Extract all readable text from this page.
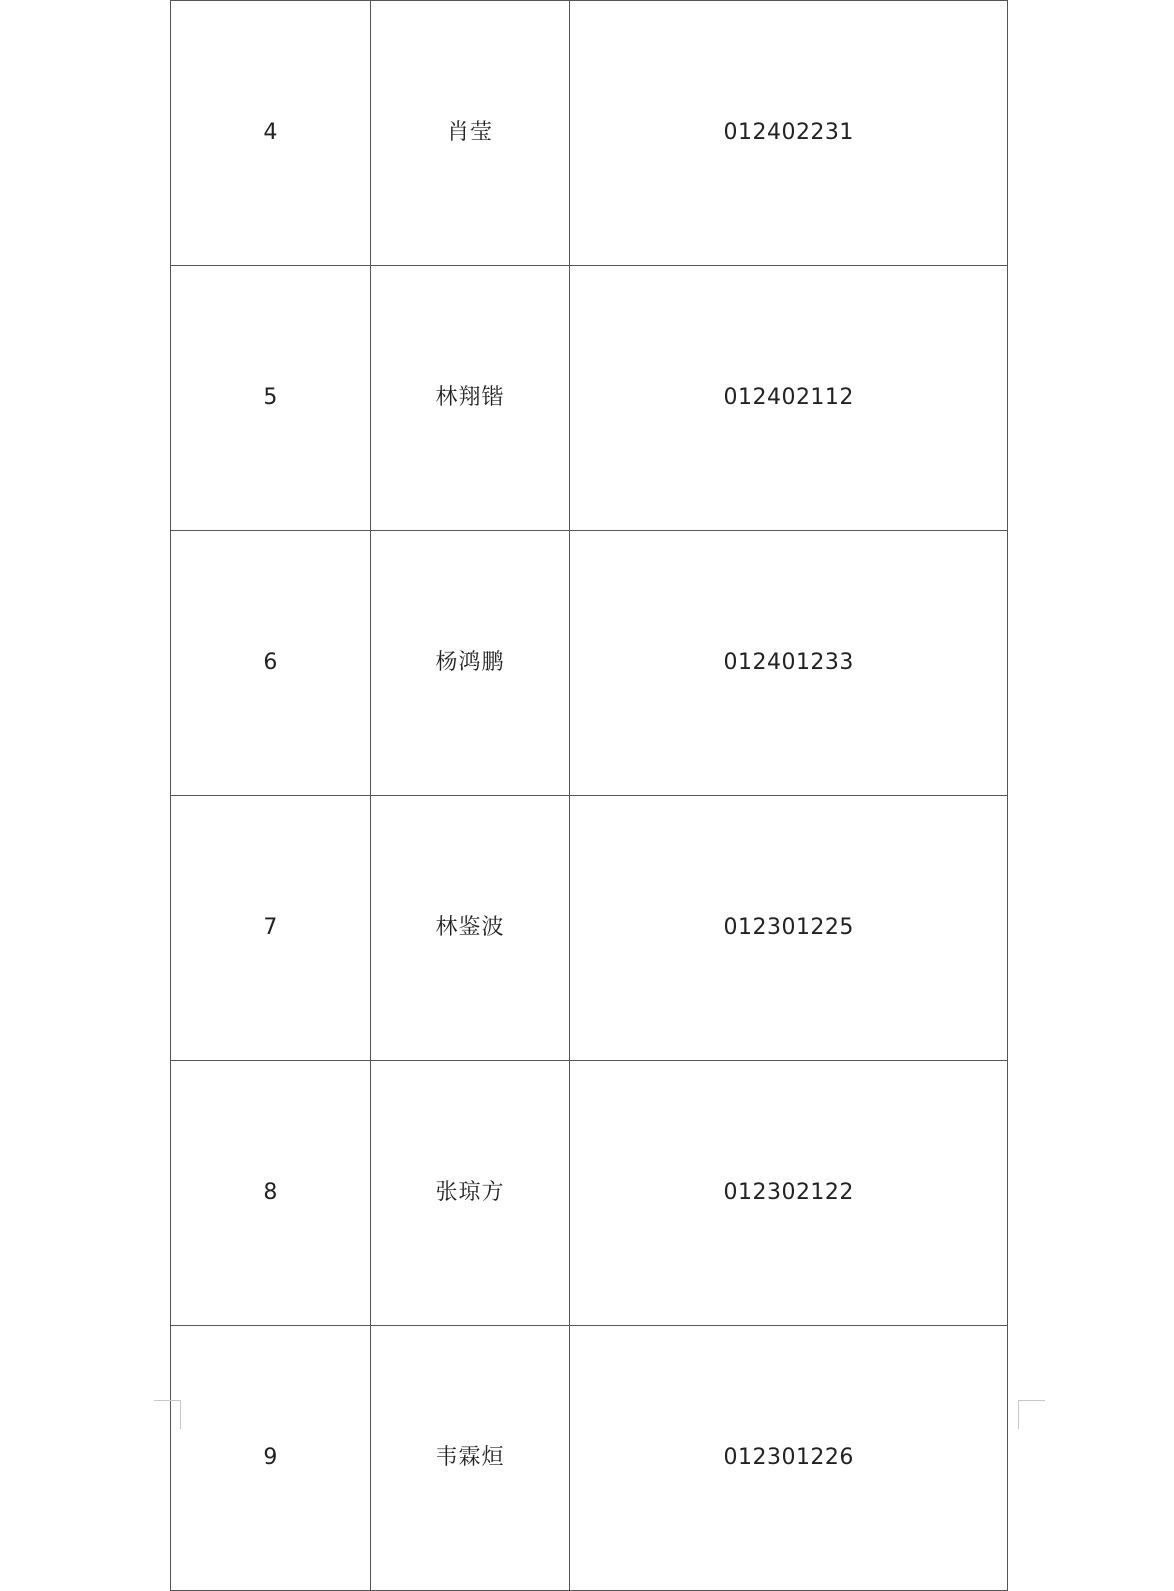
4	肖莹	012402231
5	林翔锴	012402112
6	杨鸿鹏	012401233
7	林鉴波	012301225
8	张琼方	012302122
9	韦霖烜	012301226
